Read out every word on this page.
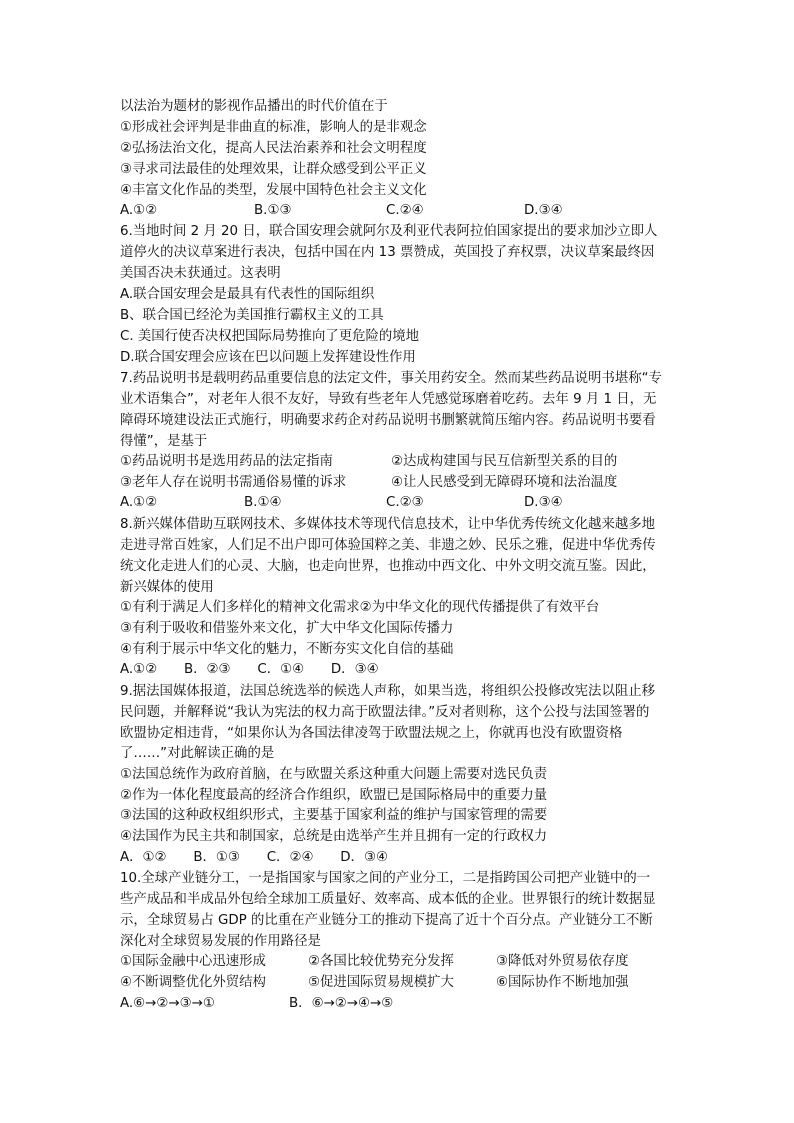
以法治为题材的影视作品播出的时代价值在于
①形成社会评判是非曲直的标准，影响人的是非观念
②弘扬法治文化，提高人民法治素养和社会文明程度
③寻求司法最佳的处理效果，让群众感受到公平正义
④丰富文化作品的类型，发展中国特色社会主义文化
A.①②	B.①③	C.②④	D.③④
6.当地时间 2 月 20 日，联合国安理会就阿尔及利亚代表阿拉伯国家提出的要求加沙立即人
道停火的决议草案进行表决，包括中国在内 13 票赞成，英国投了弃权票，决议草案最终因
美国否决未获通过。这表明
A.联合国安理会是最具有代表性的国际组织
B、联合国已经沦为美国推行霸权主义的工具
C. 美国行使否决权把国际局势推向了更危险的境地
D.联合国安理会应该在巴以问题上发挥建设性作用
7.药品说明书是载明药品重要信息的法定文件，事关用药安全。然而某些药品说明书堪称“专
业术语集合”，对老年人很不友好，导致有些老年人凭感觉琢磨着吃药。去年 9 月 1 日，无
障碍环境建设法正式施行，明确要求药企对药品说明书删繁就简压缩内容。药品说明书要看
得懂”，是基于
①药品说明书是选用药品的法定指南	②达成构建国与民互信新型关系的目的
③老年人存在说明书需通俗易懂的诉求	④让人民感受到无障碍环境和法治温度
A.①②	B.①④	C.②③	D.③④
8.新兴媒体借助互联网技术、多媒体技术等现代信息技术，让中华优秀传统文化越来越多地
走进寻常百姓家，人们足不出户即可体验国粹之美、非遗之妙、民乐之雅，促进中华优秀传
统文化走进人们的心灵、大脑，也走向世界，也推动中西文化、中外文明交流互鉴。因此，
新兴媒体的使用
①有利于满足人们多样化的精神文化需求②为中华文化的现代传播提供了有效平台
③有利于吸收和借鉴外来文化，扩大中华文化国际传播力
④有利于展示中华文化的魅力，不断夯实文化自信的基础
A.①②　　B．②③　　C．①④　　D．③④
9.据法国媒体报道，法国总统选举的候选人声称，如果当选，将组织公投修改宪法以阻止移
民问题，并解释说“我认为宪法的权力高于欧盟法律。”反对者则称，这个公投与法国签署的
欧盟协定相违背，“如果你认为各国法律凌驾于欧盟法规之上，你就再也没有欧盟资格
了……”对此解读正确的是
①法国总统作为政府首脑，在与欧盟关系这种重大问题上需要对选民负责
②作为一体化程度最高的经济合作组织，欧盟已是国际格局中的重要力量
③法国的这种政权组织形式，主要基于国家利益的维护与国家管理的需要
④法国作为民主共和制国家，总统是由选举产生并且拥有一定的行政权力
A．①②　　B．①③　　C．②④　　D．③④
10.全球产业链分工，一是指国家与国家之间的产业分工，二是指跨国公司把产业链中的一
些产成品和半成品外包给全球加工质量好、效率高、成本低的企业。世界银行的统计数据显
示，全球贸易占 GDP 的比重在产业链分工的推动下提高了近十个百分点。产业链分工不断
深化对全球贸易发展的作用路径是
①国际金融中心迅速形成	②各国比较优势充分发挥	③降低对外贸易依存度
④不断调整优化外贸结构	⑤促进国际贸易规模扩大	⑥国际协作不断地加强
A.⑥→②→③→①	B．⑥→②→④→⑤
